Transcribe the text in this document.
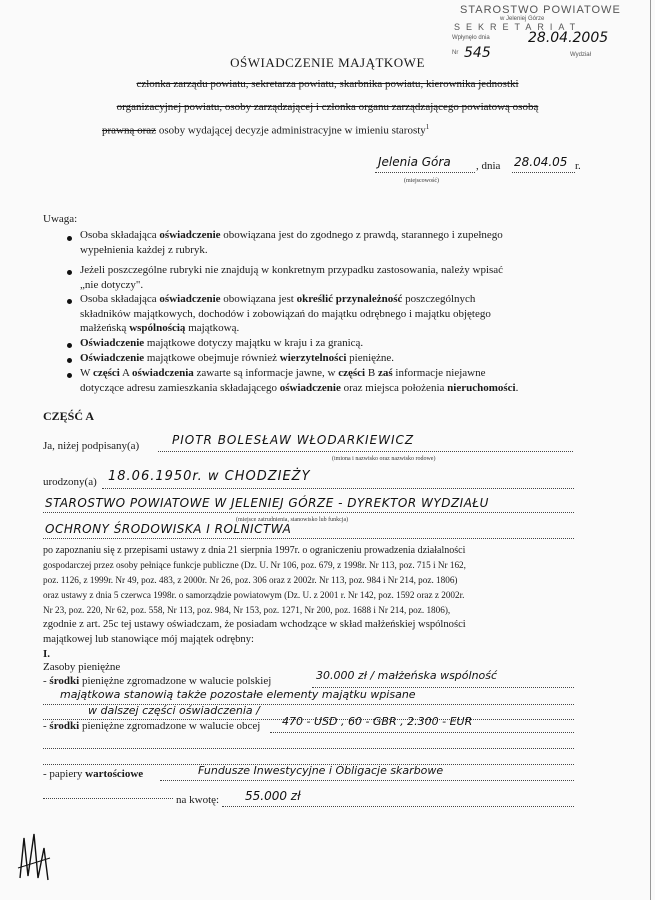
STAROSTWO POWIATOWE
w Jeleniej Górze
SEKRETARIAT
Wpłynęło dnia	28.04.2005
Nr 545	Wydział
OŚWIADCZENIE MAJĄTKOWE
członka zarządu powiatu, sekretarza powiatu, skarbnika powiatu, kierownika jednostki
organizacyjnej powiatu, osoby zarządzającej i członka organu zarządzającego powiatową osobą
prawną oraz osoby wydającej decyzje administracyjne w imieniu starosty$^1$
Jelenia Góra , dnia 28.04.05 r.
(miejscowość)
Uwaga:
Osoba składająca oświadczenie obowiązana jest do zgodnego z prawdą, starannego i zupełnego
wypełnienia każdej z rubryk.
Jeżeli poszczególne rubryki nie znajdują w konkretnym przypadku zastosowania, należy wpisać
„nie dotyczy".
Osoba składająca oświadczenie obowiązana jest określić przynależność poszczególnych
składników majątkowych, dochodów i zobowiązań do majątku odrębnego i majątku objętego
małżeńską wspólnością majątkową.
Oświadczenie majątkowe dotyczy majątku w kraju i za granicą.
Oświadczenie majątkowe obejmuje również wierzytelności pieniężne.
W części A oświadczenia zawarte są informacje jawne, w części B zaś informacje niejawne
dotyczące adresu zamieszkania składającego oświadczenie oraz miejsca położenia nieruchomości.
CZĘŚĆ A
Ja, niżej podpisany(a)	PIOTR BOLESŁAW WŁODARKIEWICZ
(imiona i nazwisko oraz nazwisko rodowe)
urodzony(a) 18.06.1950r. w CHODZIEŻY
STAROSTWO POWIATOWE W JELENIEJ GÓRZE - DYREKTOR WYDZIAŁU
(miejsce zatrudnienia, stanowisko lub funkcja)
OCHRONY ŚRODOWISKA I ROLNICTWA
po zapoznaniu się z przepisami ustawy z dnia 21 sierpnia 1997r. o ograniczeniu prowadzenia działalności
gospodarczej przez osoby pełniące funkcje publiczne (Dz. U. Nr 106, poz. 679, z 1998r. Nr 113, poz. 715 i Nr 162,
poz. 1126, z 1999r. Nr 49, poz. 483, z 2000r. Nr 26, poz. 306 oraz z 2002r. Nr 113, poz. 984 i Nr 214, poz. 1806)
oraz ustawy z dnia 5 czerwca 1998r. o samorządzie powiatowym (Dz. U. z 2001 r. Nr 142, poz. 1592 oraz z 2002r.
Nr 23, poz. 220, Nr 62, poz. 558, Nr 113, poz. 984, Nr 153, poz. 1271, Nr 200, poz. 1688 i Nr 214, poz. 1806),
zgodnie z art. 25c tej ustawy oświadczam, że posiadam wchodzące w skład małżeńskiej wspólności
majątkowej lub stanowiące mój majątek odrębny:
I.
Zasoby pieniężne
- środki pieniężne zgromadzone w walucie polskiej	30.000 zł / małżeńska wspólność
majątkowa stanowią także pozostałe elementy majątku wpisane
w dalszej części oświadczenia /
- środki pieniężne zgromadzone w walucie obcej 470 - USD , 60 - GBR , 2.300 - EUR
- papiery wartościowe	Fundusze Inwestycyjne i Obligacje skarbowe
na kwotę: 55.000 zł
